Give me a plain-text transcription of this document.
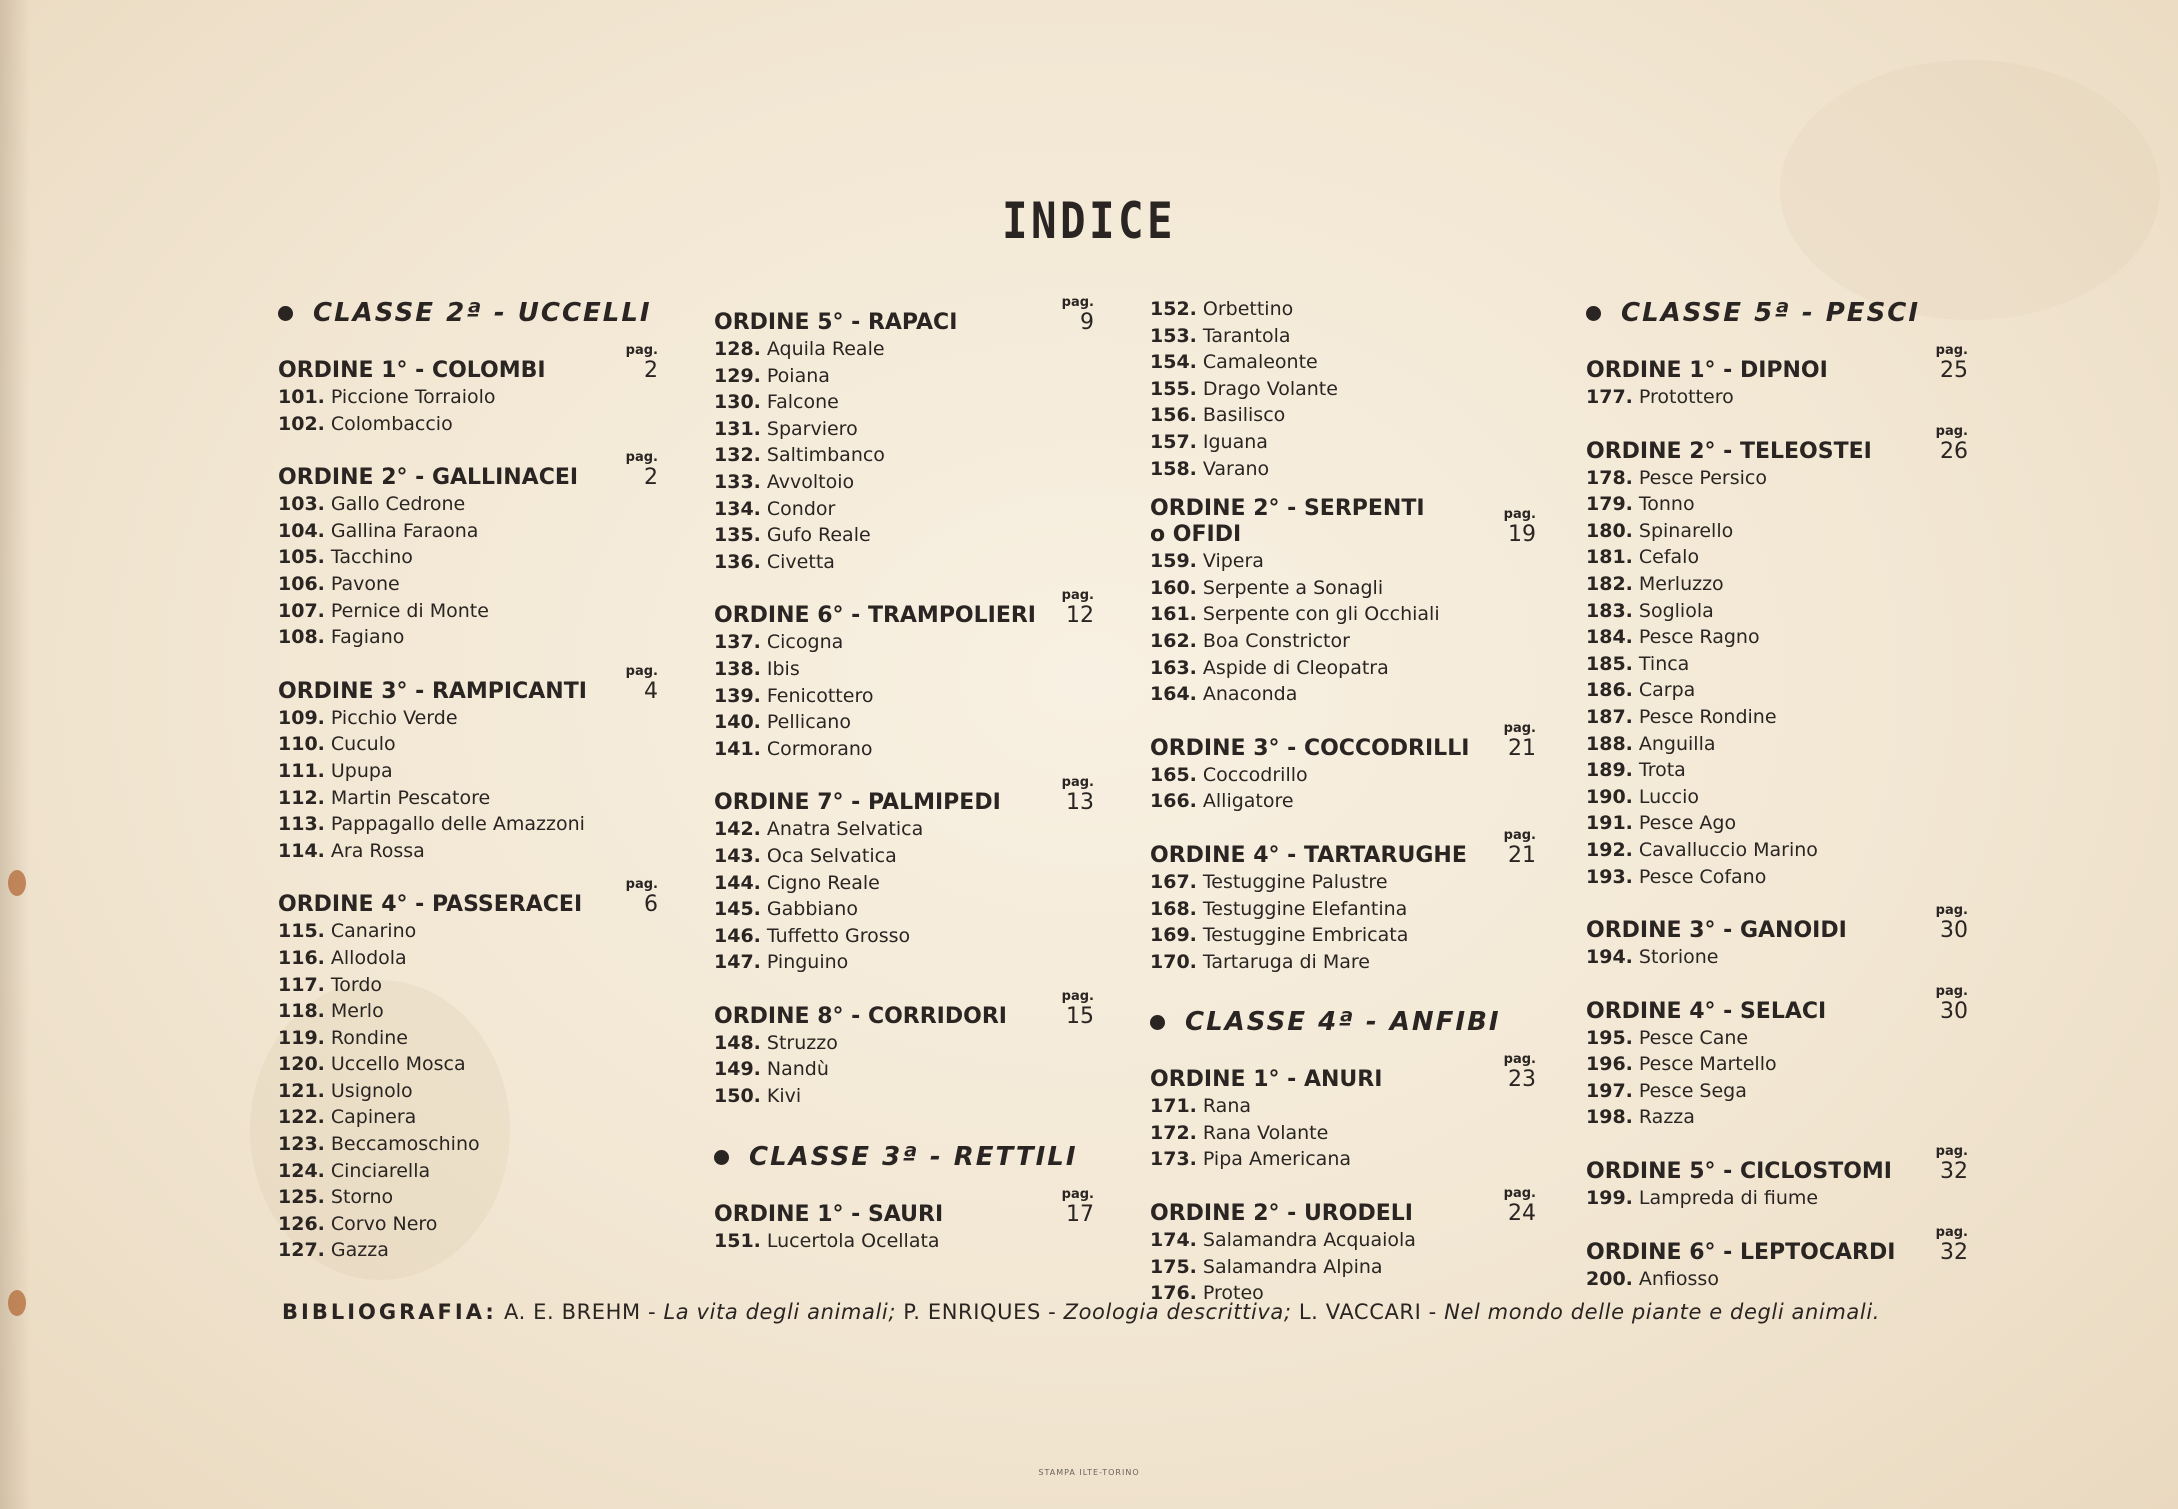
INDICE
CLASSE 2ª - UCCELLI
ORDINE 1° - COLOMBI
pag.
2
101. Piccione Torraiolo
102. Colombaccio
ORDINE 2° - GALLINACEI
pag.
2
103. Gallo Cedrone
104. Gallina Faraona
105. Tacchino
106. Pavone
107. Pernice di Monte
108. Fagiano
ORDINE 3° - RAMPICANTI
pag.
4
109. Picchio Verde
110. Cuculo
111. Upupa
112. Martin Pescatore
113. Pappagallo delle Amazzoni
114. Ara Rossa
ORDINE 4° - PASSERACEI
pag.
6
115. Canarino
116. Allodola
117. Tordo
118. Merlo
119. Rondine
120. Uccello Mosca
121. Usignolo
122. Capinera
123. Beccamoschino
124. Cinciarella
125. Storno
126. Corvo Nero
127. Gazza
ORDINE 5° - RAPACI
pag.
9
128. Aquila Reale
129. Poiana
130. Falcone
131. Sparviero
132. Saltimbanco
133. Avvoltoio
134. Condor
135. Gufo Reale
136. Civetta
ORDINE 6° - TRAMPOLIERI
pag.
12
137. Cicogna
138. Ibis
139. Fenicottero
140. Pellicano
141. Cormorano
ORDINE 7° - PALMIPEDI
pag.
13
142. Anatra Selvatica
143. Oca Selvatica
144. Cigno Reale
145. Gabbiano
146. Tuffetto Grosso
147. Pinguino
ORDINE 8° - CORRIDORI
pag.
15
148. Struzzo
149. Nandù
150. Kivi
CLASSE 3ª - RETTILI
ORDINE 1° - SAURI
pag.
17
151. Lucertola Ocellata
152. Orbettino
153. Tarantola
154. Camaleonte
155. Drago Volante
156. Basilisco
157. Iguana
158. Varano
ORDINE 2° - SERPENTI
o OFIDI
pag.
19
159. Vipera
160. Serpente a Sonagli
161. Serpente con gli Occhiali
162. Boa Constrictor
163. Aspide di Cleopatra
164. Anaconda
ORDINE 3° - COCCODRILLI
pag.
21
165. Coccodrillo
166. Alligatore
ORDINE 4° - TARTARUGHE
pag.
21
167. Testuggine Palustre
168. Testuggine Elefantina
169. Testuggine Embricata
170. Tartaruga di Mare
CLASSE 4ª - ANFIBI
ORDINE 1° - ANURI
pag.
23
171. Rana
172. Rana Volante
173. Pipa Americana
ORDINE 2° - URODELI
pag.
24
174. Salamandra Acquaiola
175. Salamandra Alpina
176. Proteo
CLASSE 5ª - PESCI
ORDINE 1° - DIPNOI
pag.
25
177. Protottero
ORDINE 2° - TELEOSTEI
pag.
26
178. Pesce Persico
179. Tonno
180. Spinarello
181. Cefalo
182. Merluzzo
183. Sogliola
184. Pesce Ragno
185. Tinca
186. Carpa
187. Pesce Rondine
188. Anguilla
189. Trota
190. Luccio
191. Pesce Ago
192. Cavalluccio Marino
193. Pesce Cofano
ORDINE 3° - GANOIDI
pag.
30
194. Storione
ORDINE 4° - SELACI
pag.
30
195. Pesce Cane
196. Pesce Martello
197. Pesce Sega
198. Razza
ORDINE 5° - CICLOSTOMI
pag.
32
199. Lampreda di fiume
ORDINE 6° - LEPTOCARDI
pag.
32
200. Anfiosso
BIBLIOGRAFIA: A. E. BREHM - La vita degli animali; P. ENRIQUES - Zoologia descrittiva; L. VACCARI - Nel mondo delle piante e degli animali.
STAMPA ILTE-TORINO
